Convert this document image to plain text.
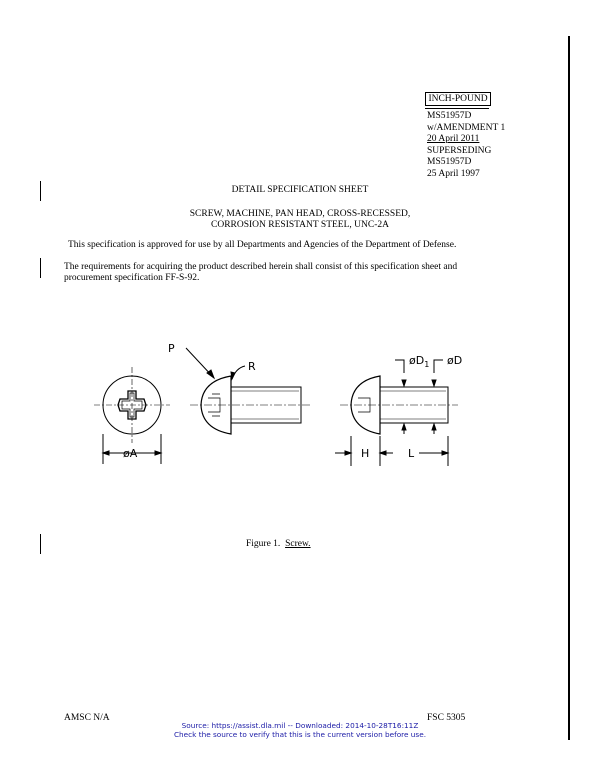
INCH-POUND
MS51957D
w/AMENDMENT 1
20 April 2011
SUPERSEDING
MS51957D
25 April 1997
DETAIL SPECIFICATION SHEET
SCREW, MACHINE, PAN HEAD, CROSS-RECESSED,
CORROSION RESISTANT STEEL, UNC-2A
This specification is approved for use by all Departments and Agencies of the Department of Defense.
The requirements for acquiring the product described herein shall consist of this specification sheet and
procurement specification FF-S-92.
P
R
øA
$øD_1$ øD
H	L
Figure 1. Screw.
AMSC N/A	FSC 5305
Source: https://assist.dla.mil -- Downloaded: 2014-10-28T16:11Z
Check the source to verify that this is the current version before use.
